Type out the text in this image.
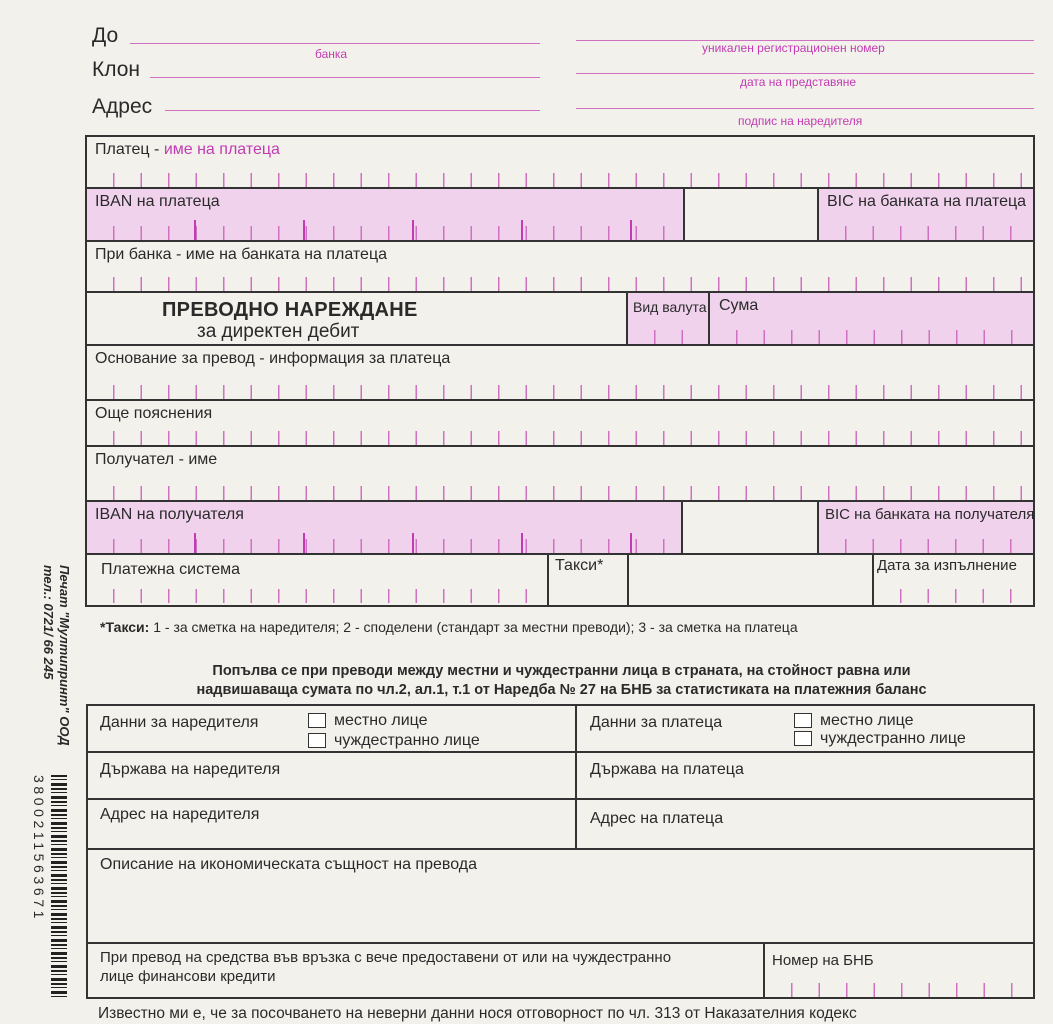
До
банка
Клон
Адрес
уникален регистрационен номер
дата на представяне
подпис на наредителя
Платец - име на платеца
IBAN на платеца	BIC на банката на платеца
При банка - име на банката на платеца
ПРЕВОДНО НАРЕЖДАНЕ
за директен дебит
Вид валута Сума
Основание за превод - информация за платеца
Още пояснения
Получател - име
IBAN на получателя	BIC на банката на получателя
Платежна система	Такси*	Дата за изпълнение
*Такси: 1 - за сметка на наредителя; 2 - споделени (стандарт за местни преводи); 3 - за сметка на платеца
Попълва се при преводи между местни и чуждестранни лица в страната, на стойност равна или
надвишаваща сумата по чл.2, ал.1, т.1 от Наредба № 27 на БНБ за статистиката на платежния баланс
Данни за наредителя	местно лице
чуждестранно лице
Данни за платеца	местно лице
чуждестранно лице
Държава на наредителя	Държава на платеца
Адрес на наредителя	Адрес на платеца
Описание на икономическата същност на превода
При превод на средства във връзка с вече предоставени от или на чуждестранно
лице финансови кредити
Номер на БНБ
Известно ми е, че за посочването на неверни данни нося отговорност по чл. 313 от Наказателния кодекс
Печат "Мултипринт" ООД
тел.: 0721/ 66 245
3800211563671
